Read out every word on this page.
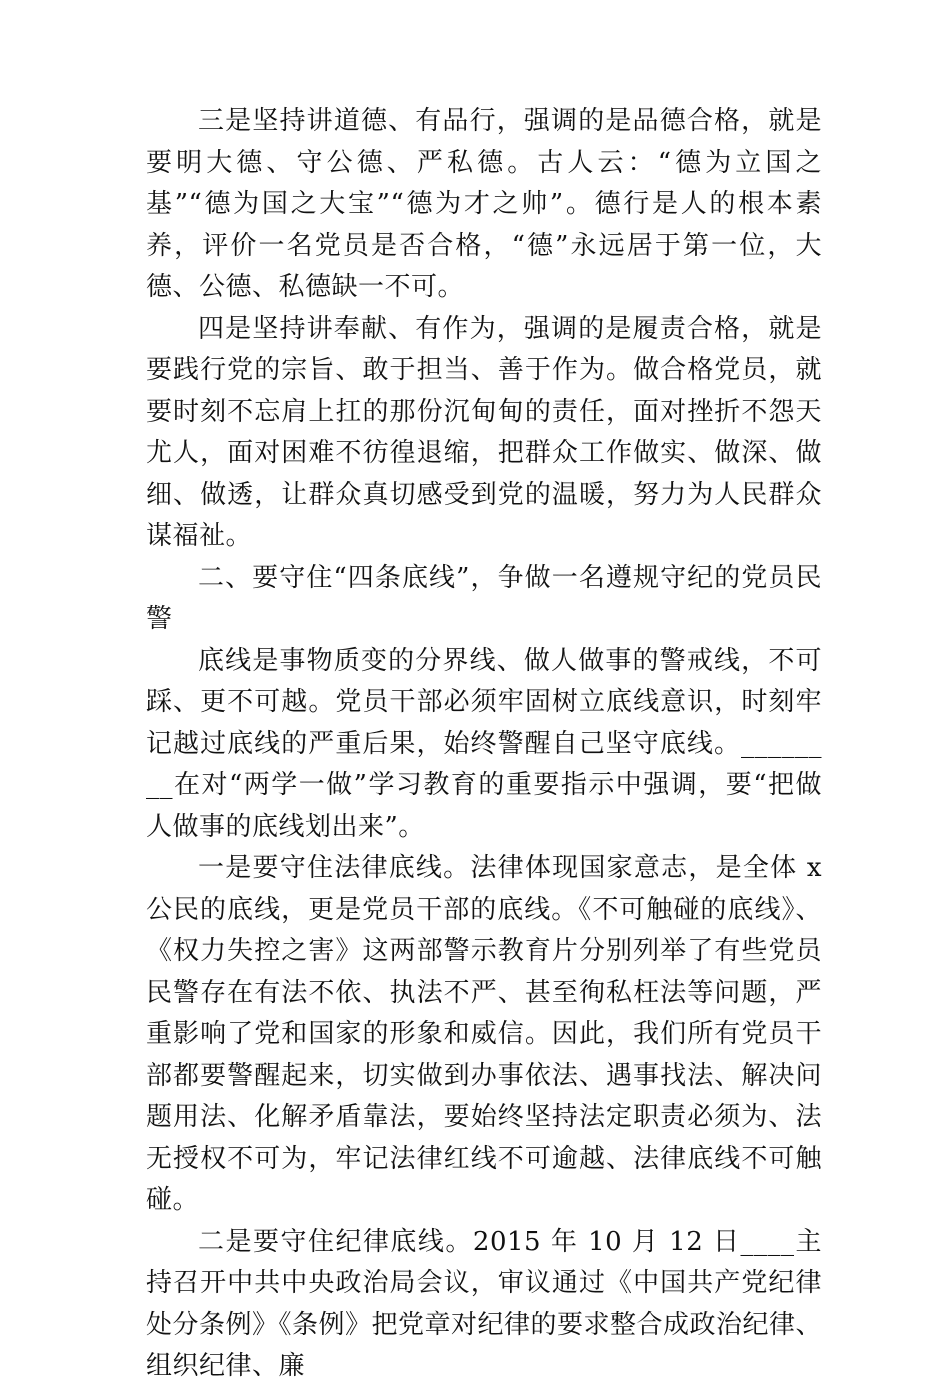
三是坚持讲道德、有品行，强调的是品德合格，就是要明大德、守公德、严私德。古人云：“德为立国之基”“德为国之大宝”“德为才之帅”。德行是人的根本素养，评价一名党员是否合格，“德”永远居于第一位，大德、公德、私德缺一不可。

四是坚持讲奉献、有作为，强调的是履责合格，就是要践行党的宗旨、敢于担当、善于作为。做合格党员，就要时刻不忘肩上扛的那份沉甸甸的责任，面对挫折不怨天尤人，面对困难不彷徨退缩，把群众工作做实、做深、做细、做透，让群众真切感受到党的温暖，努力为人民群众谋福祉。

二、要守住“四条底线”，争做一名遵规守纪的党员民警

底线是事物质变的分界线、做人做事的警戒线，不可踩、更不可越。党员干部必须牢固树立底线意识，时刻牢记越过底线的严重后果，始终警醒自己坚守底线。________在对“两学一做”学习教育的重要指示中强调，要“把做人做事的底线划出来”。

一是要守住法律底线。法律体现国家意志，是全体 x 公民的底线，更是党员干部的底线。《不可触碰的底线》、《权力失控之害》这两部警示教育片分别列举了有些党员民警存在有法不依、执法不严、甚至徇私枉法等问题，严重影响了党和国家的形象和威信。因此，我们所有党员干部都要警醒起来，切实做到办事依法、遇事找法、解决问题用法、化解矛盾靠法，要始终坚持法定职责必须为、法无授权不可为，牢记法律红线不可逾越、法律底线不可触碰。

二是要守住纪律底线。2015 年 10 月 12 日____主持召开中共中央政治局会议，审议通过《中国共产党纪律处分条例》《条例》把党章对纪律的要求整合成政治纪律、组织纪律、廉
